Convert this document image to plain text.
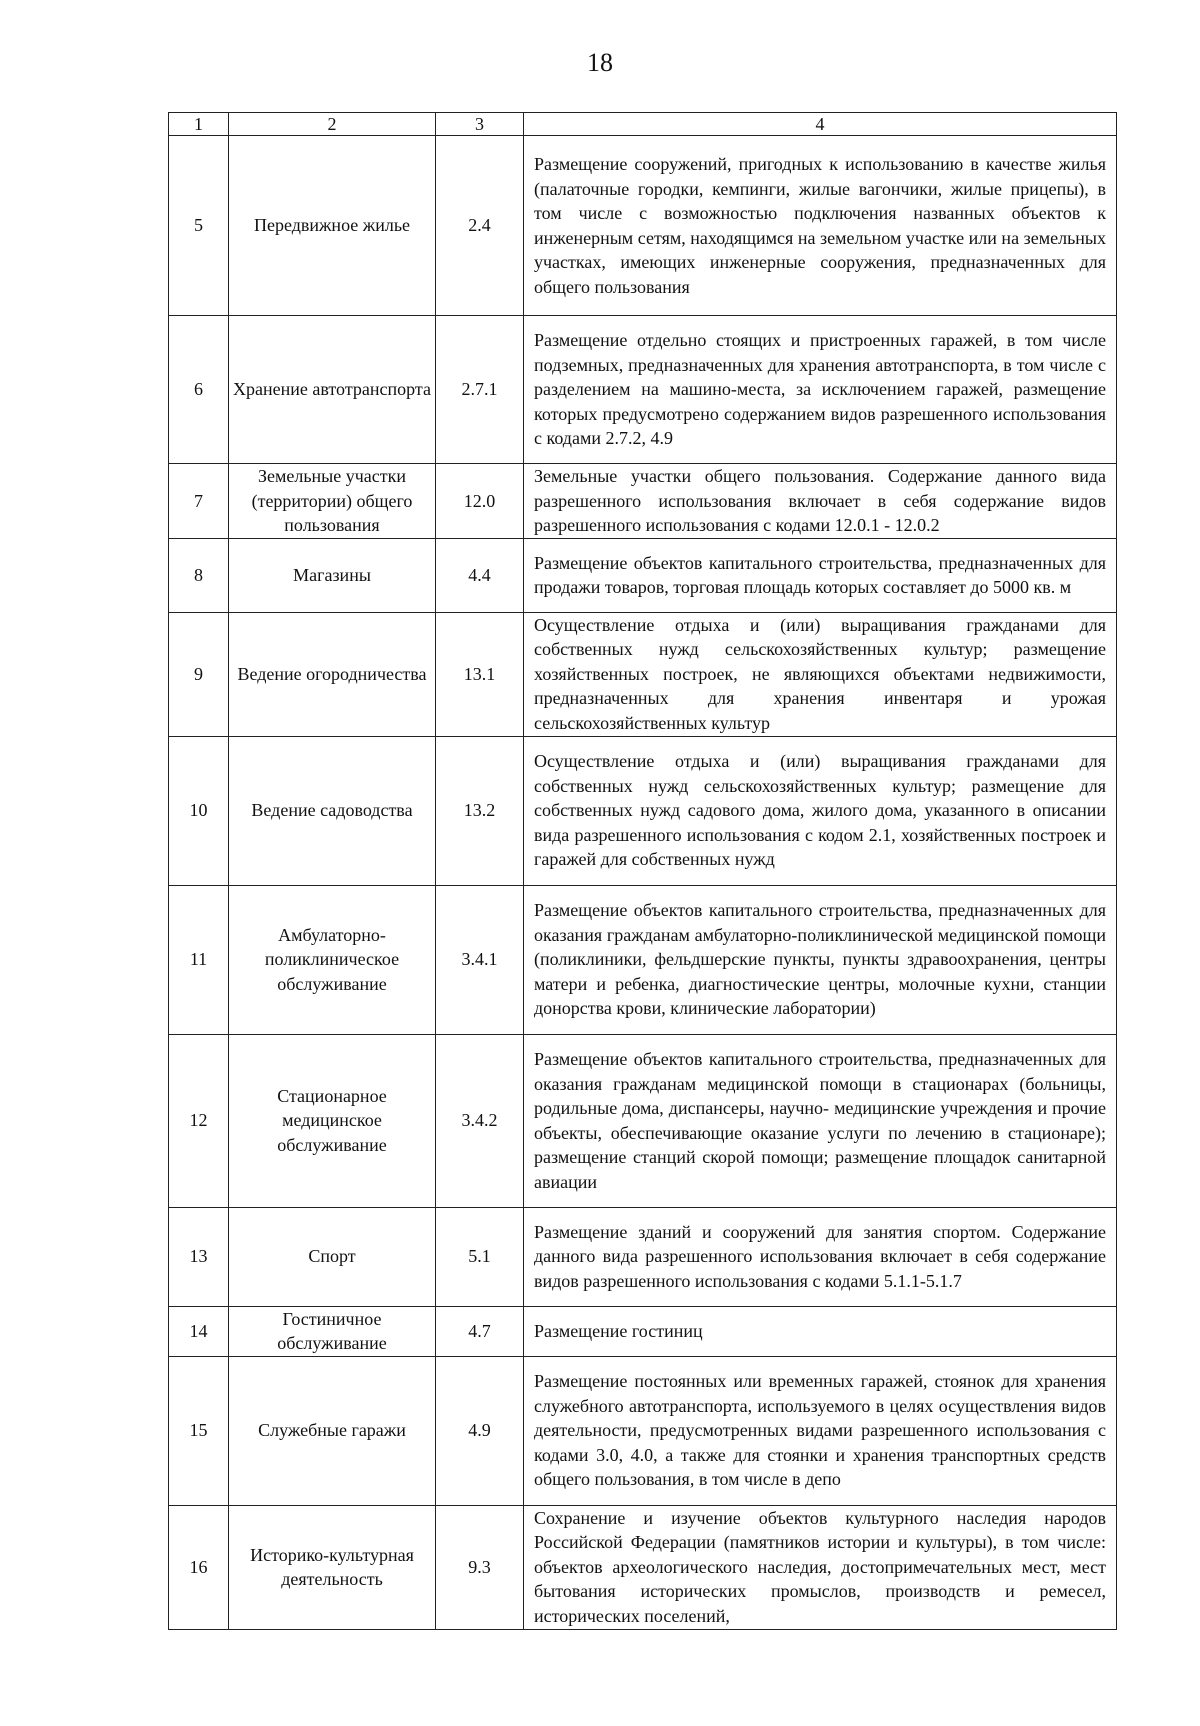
18
1	2	3	4
5	Передвижное жилье	2.4	Размещение сооружений, пригодных к использованию в качестве жилья (палаточные городки, кемпинги, жилые вагончики, жилые прицепы), в том числе с возможностью подключения названных объектов к инженерным сетям, находящимся на земельном участке или на земельных участках, имеющих инженерные сооружения, предназначенных для общего пользования
6	Хранение автотранспорта	2.7.1	Размещение отдельно стоящих и пристроенных гаражей, в том числе подземных, предназначенных для хранения автотранспорта, в том числе с разделением на машино-места, за исключением гаражей, размещение которых предусмотрено содержанием видов разрешенного использования с кодами 2.7.2, 4.9
7	Земельные участки (территории) общего пользования	12.0	Земельные участки общего пользования. Содержание данного вида разрешенного использования включает в себя содержание видов разрешенного использования с кодами 12.0.1 - 12.0.2
8	Магазины	4.4	Размещение объектов капитального строительства, предназначенных для продажи товаров, торговая площадь которых составляет до 5000 кв. м
9	Ведение огородничества	13.1	Осуществление отдыха и (или) выращивания гражданами для собственных нужд сельскохозяйственных культур; размещение хозяйственных построек, не являющихся объектами недвижимости, предназначенных для хранения инвентаря и урожая сельскохозяйственных культур
10	Ведение садоводства	13.2	Осуществление отдыха и (или) выращивания гражданами для собственных нужд сельскохозяйственных культур; размещение для собственных нужд садового дома, жилого дома, указанного в описании вида разрешенного использования с кодом 2.1, хозяйственных построек и гаражей для собственных нужд
11	Амбулаторно-поликлиническое обслуживание	3.4.1	Размещение объектов капитального строительства, предназначенных для оказания гражданам амбулаторно-поликлинической медицинской помощи (поликлиники, фельдшерские пункты, пункты здравоохранения, центры матери и ребенка, диагностические центры, молочные кухни, станции донорства крови, клинические лаборатории)
12	Стационарное медицинское обслуживание	3.4.2	Размещение объектов капитального строительства, предназначенных для оказания гражданам медицинской помощи в стационарах (больницы, родильные дома, диспансеры, научно- медицинские учреждения и прочие объекты, обеспечивающие оказание услуги по лечению в стационаре); размещение станций скорой помощи; размещение площадок санитарной авиации
13	Спорт	5.1	Размещение зданий и сооружений для занятия спортом. Содержание данного вида разрешенного использования включает в себя содержание видов разрешенного использования с кодами 5.1.1-5.1.7
14	Гостиничное обслуживание	4.7	Размещение гостиниц
15	Служебные гаражи	4.9	Размещение постоянных или временных гаражей, стоянок для хранения служебного автотранспорта, используемого в целях осуществления видов деятельности, предусмотренных видами разрешенного использования с кодами 3.0, 4.0, а также для стоянки и хранения транспортных средств общего пользования, в том числе в депо
16	Историко-культурная деятельность	9.3	Сохранение и изучение объектов культурного наследия народов Российской Федерации (памятников истории и культуры), в том числе: объектов археологического наследия, достопримечательных мест, мест бытования исторических промыслов, производств и ремесел, исторических поселений,
